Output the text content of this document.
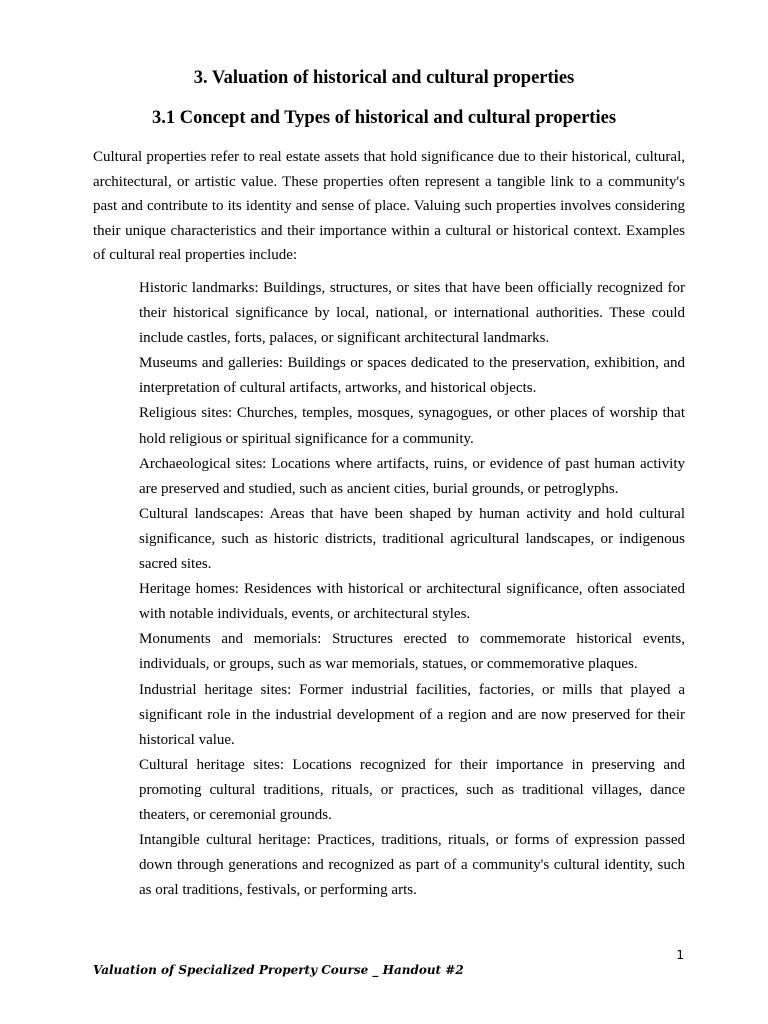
3. Valuation of historical and cultural properties
3.1 Concept and Types of historical and cultural properties

Cultural properties refer to real estate assets that hold significance due to their historical, cultural, architectural, or artistic value. These properties often represent a tangible link to a community's past and contribute to its identity and sense of place. Valuing such properties involves considering their unique characteristics and their importance within a cultural or historical context. Examples of cultural real properties include:

Historic landmarks: Buildings, structures, or sites that have been officially recognized for their historical significance by local, national, or international authorities. These could include castles, forts, palaces, or significant architectural landmarks.
Museums and galleries: Buildings or spaces dedicated to the preservation, exhibition, and interpretation of cultural artifacts, artworks, and historical objects.
Religious sites: Churches, temples, mosques, synagogues, or other places of worship that hold religious or spiritual significance for a community.
Archaeological sites: Locations where artifacts, ruins, or evidence of past human activity are preserved and studied, such as ancient cities, burial grounds, or petroglyphs.
Cultural landscapes: Areas that have been shaped by human activity and hold cultural significance, such as historic districts, traditional agricultural landscapes, or indigenous sacred sites.
Heritage homes: Residences with historical or architectural significance, often associated with notable individuals, events, or architectural styles.
Monuments and memorials: Structures erected to commemorate historical events, individuals, or groups, such as war memorials, statues, or commemorative plaques.
Industrial heritage sites: Former industrial facilities, factories, or mills that played a significant role in the industrial development of a region and are now preserved for their historical value.
Cultural heritage sites: Locations recognized for their importance in preserving and promoting cultural traditions, rituals, or practices, such as traditional villages, dance theaters, or ceremonial grounds.
Intangible cultural heritage: Practices, traditions, rituals, or forms of expression passed down through generations and recognized as part of a community's cultural identity, such as oral traditions, festivals, or performing arts.
1
Valuation of Specialized Property Course _ Handout #2
